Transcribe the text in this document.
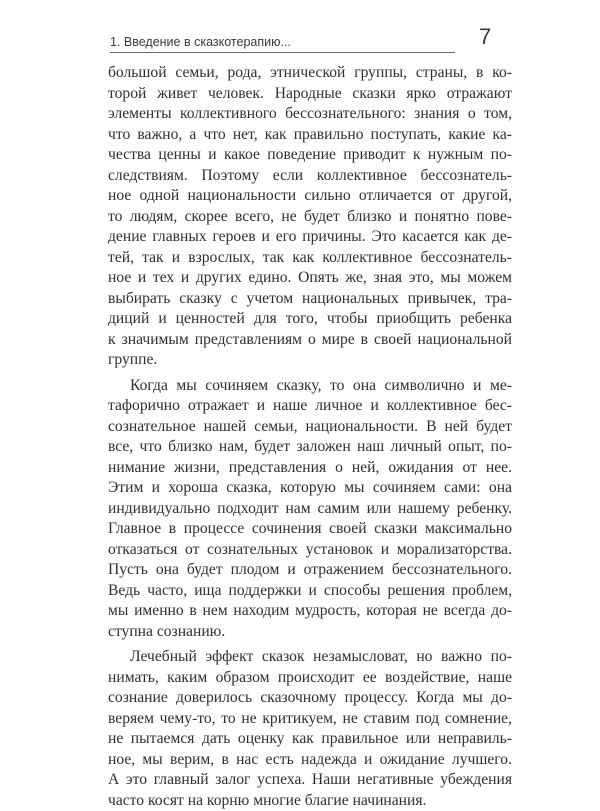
1. Введение в сказкотерапию...	7
большой семьи, рода, этнической группы, страны, в ко-
торой живет человек. Народные сказки ярко отражают
элементы коллективного бессознательного: знания о том,
что важно, а что нет, как правильно поступать, какие ка-
чества ценны и какое поведение приводит к нужным по-
следствиям. Поэтому если коллективное бессознатель-
ное одной национальности сильно отличается от другой,
то людям, скорее всего, не будет близко и понятно пове-
дение главных героев и его причины. Это касается как де-
тей, так и взрослых, так как коллективное бессознатель-
ное и тех и других едино. Опять же, зная это, мы можем
выбирать сказку с учетом национальных привычек, тра-
диций и ценностей для того, чтобы приобщить ребенка
к значимым представлениям о мире в своей национальной
группе.
Когда мы сочиняем сказку, то она символично и ме-
тафорично отражает и наше личное и коллективное бес-
сознательное нашей семьи, национальности. В ней будет
все, что близко нам, будет заложен наш личный опыт, по-
нимание жизни, представления о ней, ожидания от нее.
Этим и хороша сказка, которую мы сочиняем сами: она
индивидуально подходит нам самим или нашему ребенку.
Главное в процессе сочинения своей сказки максимально
отказаться от сознательных установок и морализаторства.
Пусть она будет плодом и отражением бессознательного.
Ведь часто, ища поддержки и способы решения проблем,
мы именно в нем находим мудрость, которая не всегда до-
ступна сознанию.
Лечебный эффект сказок незамысловат, но важно по-
нимать, каким образом происходит ее воздействие, наше
сознание доверилось сказочному процессу. Когда мы до-
веряем чему-то, то не критикуем, не ставим под сомнение,
не пытаемся дать оценку как правильное или неправиль-
ное, мы верим, в нас есть надежда и ожидание лучшего.
А это главный залог успеха. Наши негативные убеждения
часто косят на корню многие благие начинания.
